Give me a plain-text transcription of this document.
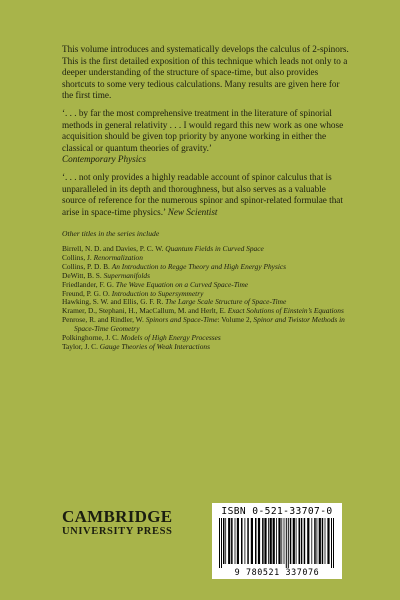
This volume introduces and systematically develops the calculus of 2-spinors. This is the first detailed exposition of this technique which leads not only to a deeper understanding of the structure of space-time, but also provides shortcuts to some very tedious calculations. Many results are given here for the first time.

‘. . . by far the most comprehensive treatment in the literature of spinorial methods in general relativity . . . I would regard this new work as one whose acquisition should be given top priority by anyone working in either the classical or quantum theories of gravity.’
Contemporary Physics

‘. . . not only provides a highly readable account of spinor calculus that is unparalleled in its depth and thoroughness, but also serves as a valuable source of reference for the numerous spinor and spinor-related formulae that arise in space-time physics.’ New Scientist

Other titles in the series include
Birrell, N. D. and Davies, P. C. W. Quantum Fields in Curved Space
Collins, J. Renormalization
Collins, P. D. B. An Introduction to Regge Theory and High Energy Physics
DeWitt, B. S. Supermanifolds
Friedlander, F. G. The Wave Equation on a Curved Space-Time
Freund, P. G. O. Introduction to Supersymmetry
Hawking, S. W. and Ellis, G. F. R. The Large Scale Structure of Space-Time
Kramer, D., Stephani, H., MacCallum, M. and Herlt, E. Exact Solutions of Einstein’s Equations
Penrose, R. and Rindler, W. Spinors and Space-Time: Volume 2, Spinor and Twistor Methods in Space-Time Geometry
Polkinghorne, J. C. Models of High Energy Processes
Taylor, J. C. Gauge Theories of Weak Interactions
CAMBRIDGE
UNIVERSITY PRESS
ISBN 0-521-33707-0
9 780521 337076
